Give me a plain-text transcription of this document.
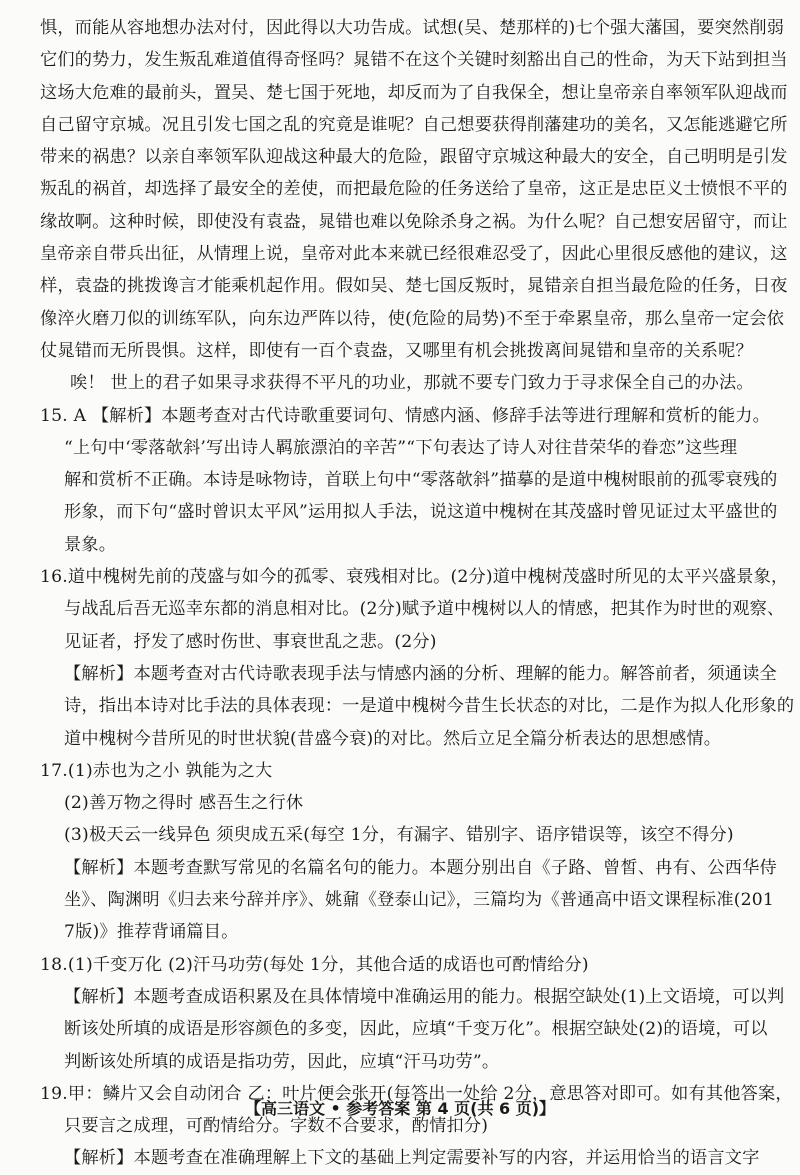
惧，而能从容地想办法对付，因此得以大功告成。试想(吴、楚那样的)七个强大藩国，要突然削弱
它们的势力，发生叛乱难道值得奇怪吗？晁错不在这个关键时刻豁出自己的性命，为天下站到担当
这场大危难的最前头，置吴、楚七国于死地，却反而为了自我保全，想让皇帝亲自率领军队迎战而
自己留守京城。况且引发七国之乱的究竟是谁呢？自己想要获得削藩建功的美名，又怎能逃避它所
带来的祸患？以亲自率领军队迎战这种最大的危险，跟留守京城这种最大的安全，自己明明是引发
叛乱的祸首，却选择了最安全的差使，而把最危险的任务送给了皇帝，这正是忠臣义士愤恨不平的
缘故啊。这种时候，即使没有袁盎，晁错也难以免除杀身之祸。为什么呢？自己想安居留守，而让
皇帝亲自带兵出征，从情理上说，皇帝对此本来就已经很难忍受了，因此心里很反感他的建议，这
样，袁盎的挑拨谗言才能乘机起作用。假如吴、楚七国反叛时，晁错亲自担当最危险的任务，日夜
像淬火磨刀似的训练军队，向东边严阵以待，使(危险的局势)不至于牵累皇帝，那么皇帝一定会依
仗晁错而无所畏惧。这样，即使有一百个袁盎，又哪里有机会挑拨离间晁错和皇帝的关系呢？
唉！ 世上的君子如果寻求获得不平凡的功业，那就不要专门致力于寻求保全自己的办法。
15. A 【解析】本题考查对古代诗歌重要词句、情感内涵、修辞手法等进行理解和赏析的能力。
“上句中‘零落欹斜’写出诗人羁旅漂泊的辛苦”“下句表达了诗人对往昔荣华的眷恋”这些理
解和赏析不正确。本诗是咏物诗，首联上句中“零落欹斜”描摹的是道中槐树眼前的孤零衰残的
形象，而下句“盛时曾识太平风”运用拟人手法，说这道中槐树在其茂盛时曾见证过太平盛世的
景象。
16.道中槐树先前的茂盛与如今的孤零、衰残相对比。(2分)道中槐树茂盛时所见的太平兴盛景象，
与战乱后吾无巡幸东都的消息相对比。(2分)赋予道中槐树以人的情感，把其作为时世的观察、
见证者，抒发了感时伤世、事衰世乱之悲。(2分)
【解析】本题考查对古代诗歌表现手法与情感内涵的分析、理解的能力。解答前者，须通读全
诗，指出本诗对比手法的具体表现：一是道中槐树今昔生长状态的对比，二是作为拟人化形象的
道中槐树今昔所见的时世状貌(昔盛今衰)的对比。然后立足全篇分析表达的思想感情。
17.(1)赤也为之小 孰能为之大
(2)善万物之得时 感吾生之行休
(3)极天云一线异色 须臾成五采(每空 1分，有漏字、错别字、语序错误等，该空不得分)
【解析】本题考查默写常见的名篇名句的能力。本题分别出自《子路、曾皙、冉有、公西华侍
坐》、陶渊明《归去来兮辞并序》、姚鼐《登泰山记》，三篇均为《普通高中语文课程标准(201
7版)》推荐背诵篇目。
18.(1)千变万化 (2)汗马功劳(每处 1分，其他合适的成语也可酌情给分)
【解析】本题考查成语积累及在具体情境中准确运用的能力。根据空缺处(1)上文语境，可以判
断该处所填的成语是形容颜色的多变，因此，应填“千变万化”。根据空缺处(2)的语境，可以
判断该处所填的成语是指功劳，因此，应填“汗马功劳”。
19.甲：鳞片又会自动闭合 乙：叶片便会张开(每答出一处给 2分，意思答对即可。如有其他答案，
只要言之成理，可酌情给分。字数不合要求，酌情扣分)
【解析】本题考查在准确理解上下文的基础上判定需要补写的内容，并运用恰当的语言文字
【高三语文 • 参考答案 第 4 页(共 6 页)】
